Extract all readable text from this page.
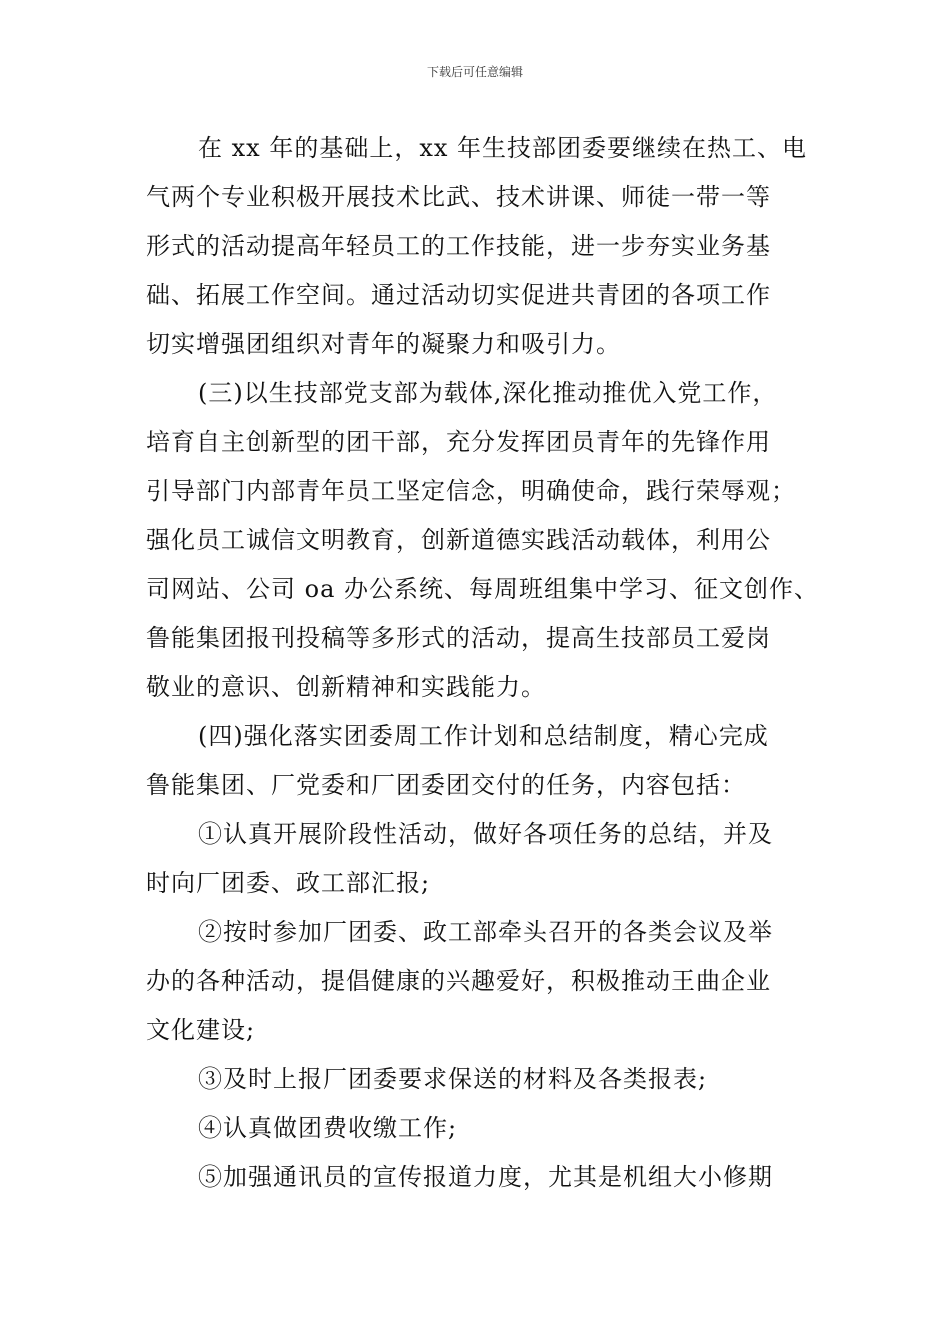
下载后可任意编辑
在 xx 年的基础上，xx 年生技部团委要继续在热工、电
气两个专业积极开展技术比武、技术讲课、师徒一带一等
形式的活动提高年轻员工的工作技能，进一步夯实业务基
础、拓展工作空间。通过活动切实促进共青团的各项工作
切实增强团组织对青年的凝聚力和吸引力。
(三)以生技部党支部为载体,深化推动推优入党工作，
培育自主创新型的团干部，充分发挥团员青年的先锋作用
引导部门内部青年员工坚定信念，明确使命，践行荣辱观；
强化员工诚信文明教育，创新道德实践活动载体，利用公
司网站、公司 oa 办公系统、每周班组集中学习、征文创作、
鲁能集团报刊投稿等多形式的活动，提高生技部员工爱岗
敬业的意识、创新精神和实践能力。
(四)强化落实团委周工作计划和总结制度，精心完成
鲁能集团、厂党委和厂团委团交付的任务，内容包括：
①认真开展阶段性活动，做好各项任务的总结，并及
时向厂团委、政工部汇报;
②按时参加厂团委、政工部牵头召开的各类会议及举
办的各种活动，提倡健康的兴趣爱好，积极推动王曲企业
文化建设;
③及时上报厂团委要求保送的材料及各类报表;
④认真做团费收缴工作;
⑤加强通讯员的宣传报道力度，尤其是机组大小修期
